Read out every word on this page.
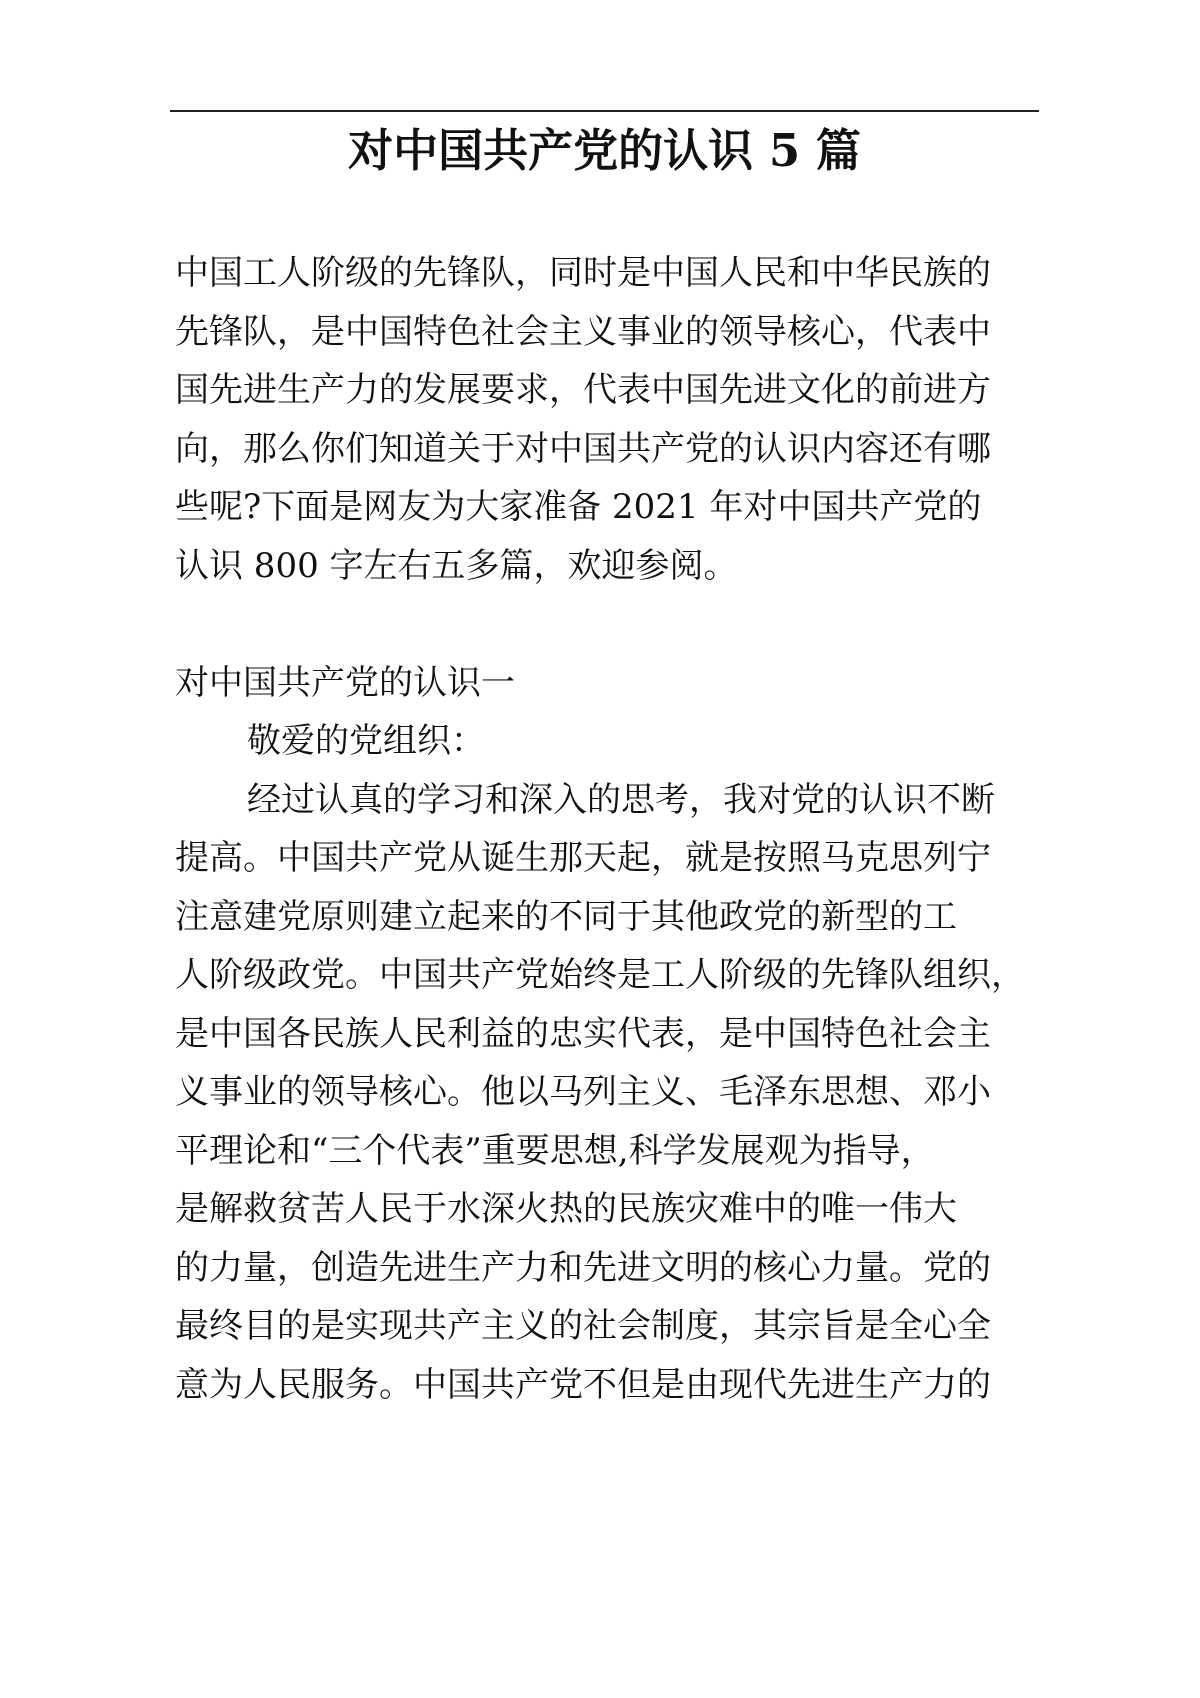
对中国共产党的认识 5 篇

中国工人阶级的先锋队，同时是中国人民和中华民族的

先锋队，是中国特色社会主义事业的领导核心，代表中

国先进生产力的发展要求，代表中国先进文化的前进方

向，那么你们知道关于对中国共产党的认识内容还有哪

些呢?下面是网友为大家准备 2021 年对中国共产党的

认识 800 字左右五多篇，欢迎参阅。

对中国共产党的认识一

敬爱的党组织：

经过认真的学习和深入的思考，我对党的认识不断

提高。中国共产党从诞生那天起，就是按照马克思列宁

注意建党原则建立起来的不同于其他政党的新型的工

人阶级政党。中国共产党始终是工人阶级的先锋队组织，

是中国各民族人民利益的忠实代表，是中国特色社会主

义事业的领导核心。他以马列主义、毛泽东思想、邓小

平理论和“三个代表”重要思想,科学发展观为指导，

是解救贫苦人民于水深火热的民族灾难中的唯一伟大

的力量，创造先进生产力和先进文明的核心力量。党的

最终目的是实现共产主义的社会制度，其宗旨是全心全

意为人民服务。中国共产党不但是由现代先进生产力的
